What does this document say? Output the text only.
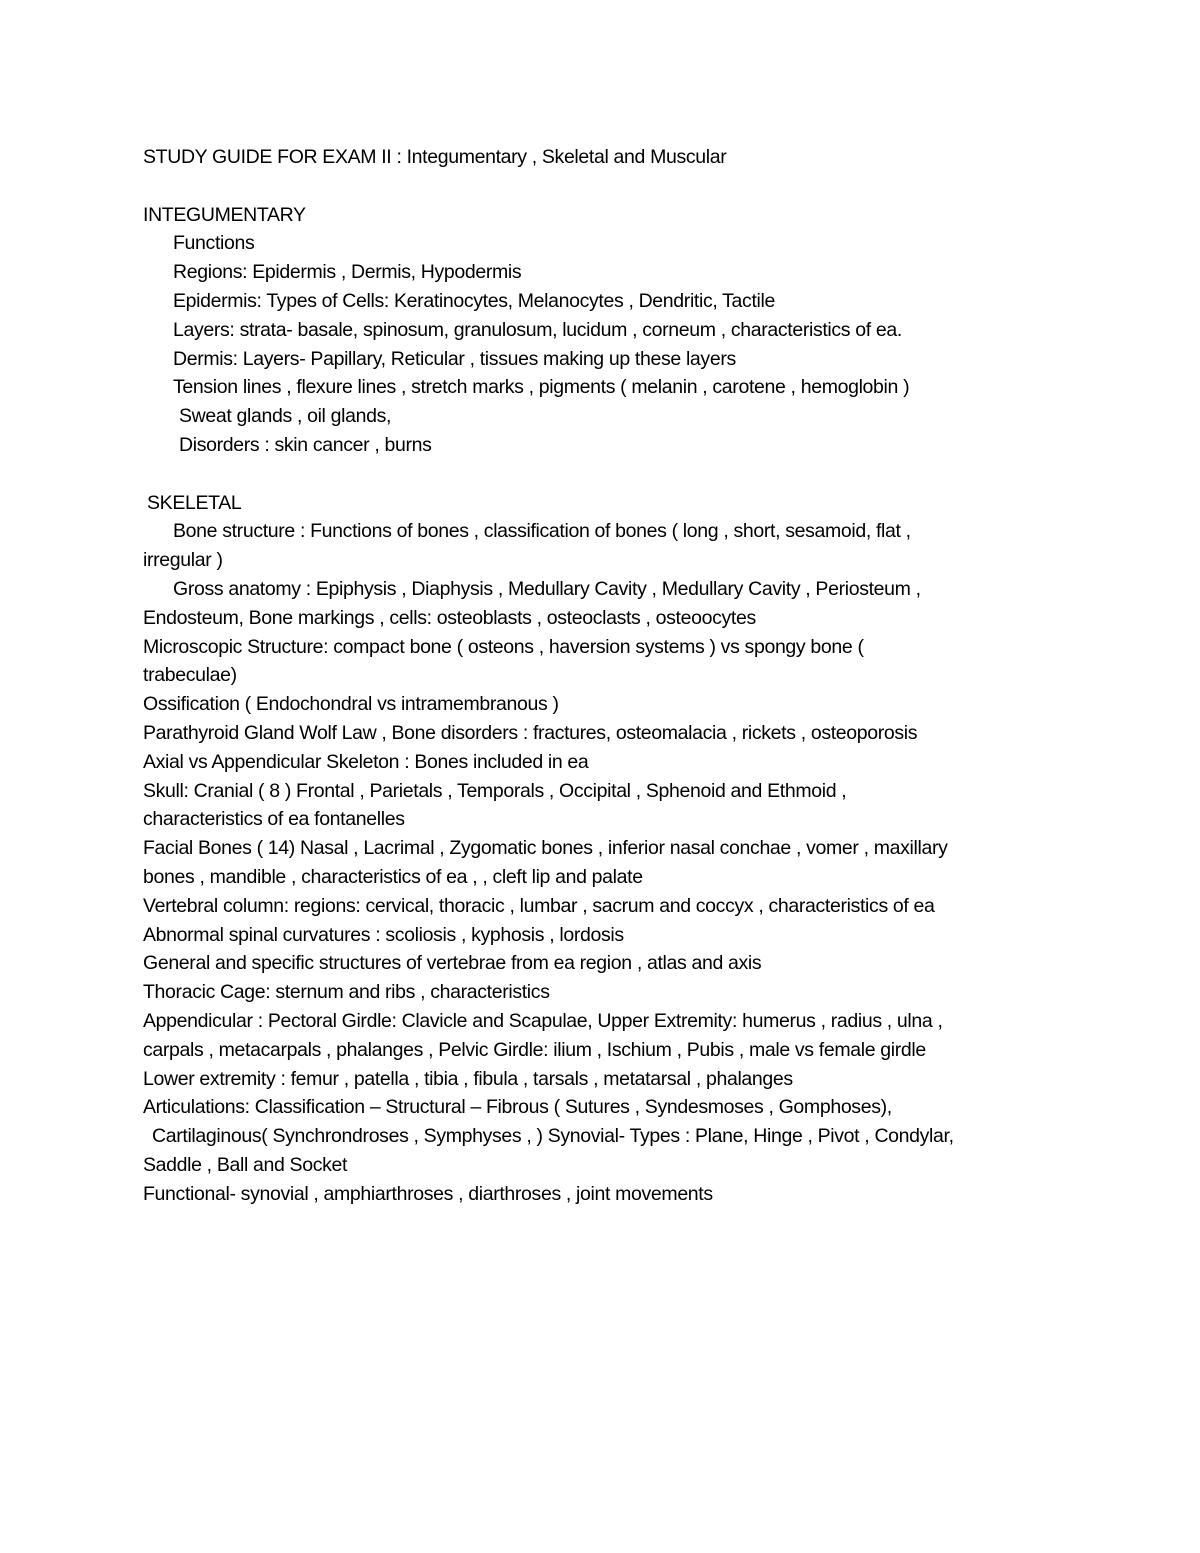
STUDY GUIDE FOR EXAM II : Integumentary , Skeletal and Muscular
INTEGUMENTARY
Functions
Regions: Epidermis , Dermis, Hypodermis
Epidermis: Types of Cells: Keratinocytes, Melanocytes , Dendritic, Tactile
Layers: strata- basale, spinosum, granulosum, lucidum , corneum , characteristics of ea.
Dermis: Layers- Papillary, Reticular , tissues making up these layers
Tension lines , flexure lines , stretch marks , pigments ( melanin , carotene , hemoglobin )
Sweat glands , oil glands,
Disorders : skin cancer , burns
SKELETAL
Bone structure : Functions of bones , classification of bones ( long , short, sesamoid, flat ,
irregular )
Gross anatomy : Epiphysis , Diaphysis , Medullary Cavity , Medullary Cavity , Periosteum ,
Endosteum, Bone markings , cells: osteoblasts , osteoclasts , osteoocytes
Microscopic Structure: compact bone ( osteons , haversion systems ) vs spongy bone (
trabeculae)
Ossification ( Endochondral vs intramembranous )
Parathyroid Gland Wolf Law , Bone disorders : fractures, osteomalacia , rickets , osteoporosis
Axial vs Appendicular Skeleton : Bones included in ea
Skull: Cranial ( 8 ) Frontal , Parietals , Temporals , Occipital , Sphenoid and Ethmoid ,
characteristics of ea fontanelles
Facial Bones ( 14) Nasal , Lacrimal , Zygomatic bones , inferior nasal conchae , vomer , maxillary
bones , mandible , characteristics of ea , , cleft lip and palate
Vertebral column: regions: cervical, thoracic , lumbar , sacrum and coccyx , characteristics of ea
Abnormal spinal curvatures : scoliosis , kyphosis , lordosis
General and specific structures of vertebrae from ea region , atlas and axis
Thoracic Cage: sternum and ribs , characteristics
Appendicular : Pectoral Girdle: Clavicle and Scapulae, Upper Extremity: humerus , radius , ulna ,
carpals , metacarpals , phalanges , Pelvic Girdle: ilium , Ischium , Pubis , male vs female girdle
Lower extremity : femur , patella , tibia , fibula , tarsals , metatarsal , phalanges
Articulations: Classification – Structural – Fibrous ( Sutures , Syndesmoses , Gomphoses),
Cartilaginous( Synchrondroses , Symphyses , ) Synovial- Types : Plane, Hinge , Pivot , Condylar,
Saddle , Ball and Socket
Functional- synovial , amphiarthroses , diarthroses , joint movements
